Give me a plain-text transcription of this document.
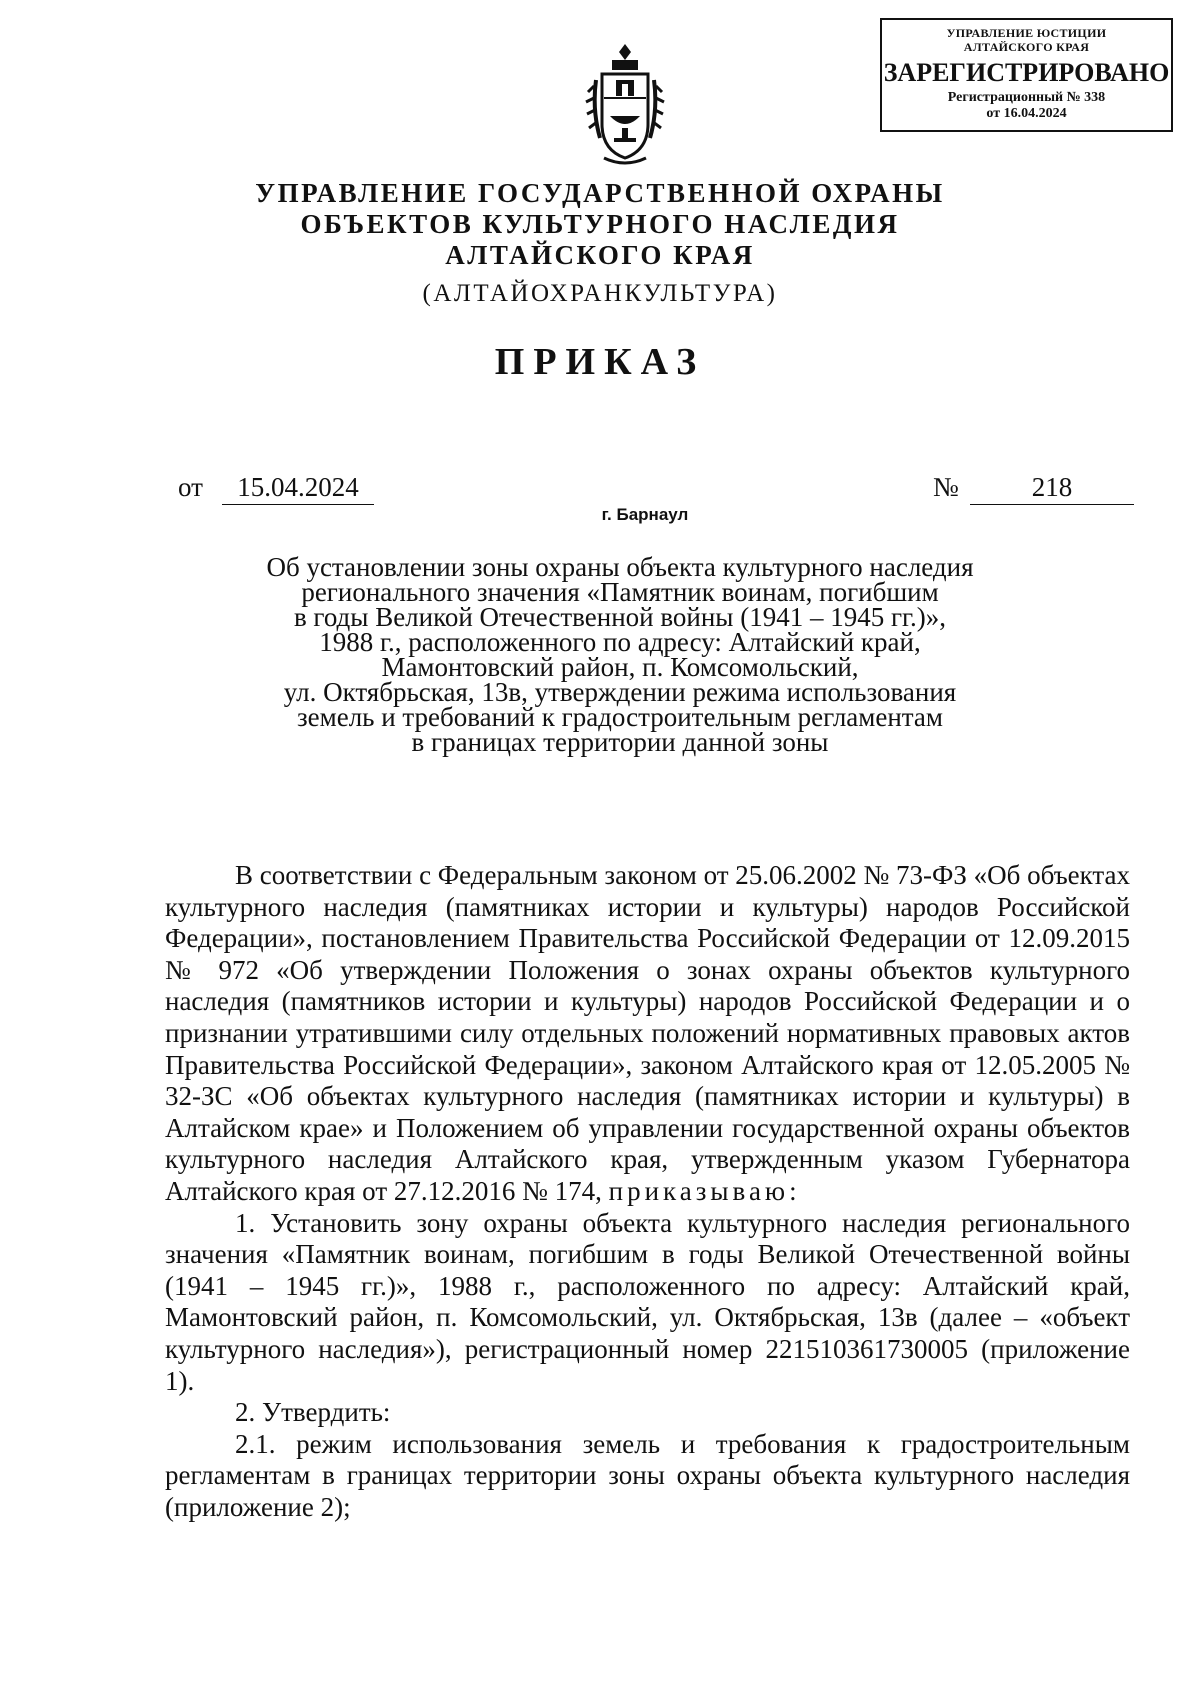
УПРАВЛЕНИЕ ЮСТИЦИИ
АЛТАЙСКОГО КРАЯ
ЗАРЕГИСТРИРОВАНО
Регистрационный № 338
от 16.04.2024
УПРАВЛЕНИЕ ГОСУДАРСТВЕННОЙ ОХРАНЫ
ОБЪЕКТОВ КУЛЬТУРНОГО НАСЛЕДИЯ
АЛТАЙСКОГО КРАЯ
(АЛТАЙОХРАНКУЛЬТУРА)
ПРИКАЗ
от	15.04.2024	№	218
г. Барнаул
Об установлении зоны охраны объекта культурного наследия
регионального значения «Памятник воинам, погибшим
в годы Великой Отечественной войны (1941 – 1945 гг.)»,
1988 г., расположенного по адресу: Алтайский край,
Мамонтовский район, п. Комсомольский,
ул. Октябрьская, 13в, утверждении режима использования
земель и требований к градостроительным регламентам
в границах территории данной зоны

В соответствии с Федеральным законом от 25.06.2002 № 73-ФЗ «Об объектах культурного наследия (памятниках истории и культуры) народов Российской Федерации», постановлением Правительства Российской Федерации от 12.09.2015 № 972 «Об утверждении Положения о зонах охраны объектов культурного наследия (памятников истории и культуры) народов Российской Федерации и о признании утратившими силу отдельных положений нормативных правовых актов Правительства Российской Федерации», законом Алтайского края от 12.05.2005 № 32-ЗС «Об объектах культурного наследия (памятниках истории и культуры) в Алтайском крае» и Положением об управлении государственной охраны объектов культурного наследия Алтайского края, утвержденным указом Губернатора Алтайского края от 27.12.2016 № 174, приказываю:

1. Установить зону охраны объекта культурного наследия регионального значения «Памятник воинам, погибшим в годы Великой Отечественной войны (1941 – 1945 гг.)», 1988 г., расположенного по адресу: Алтайский край, Мамонтовский район, п. Комсомольский, ул. Октябрьская, 13в (далее – «объект культурного наследия»), регистрационный номер 221510361730005 (приложение 1).

2. Утвердить:

2.1. режим использования земель и требования к градостроительным регламентам в границах территории зоны охраны объекта культурного наследия (приложение 2);
